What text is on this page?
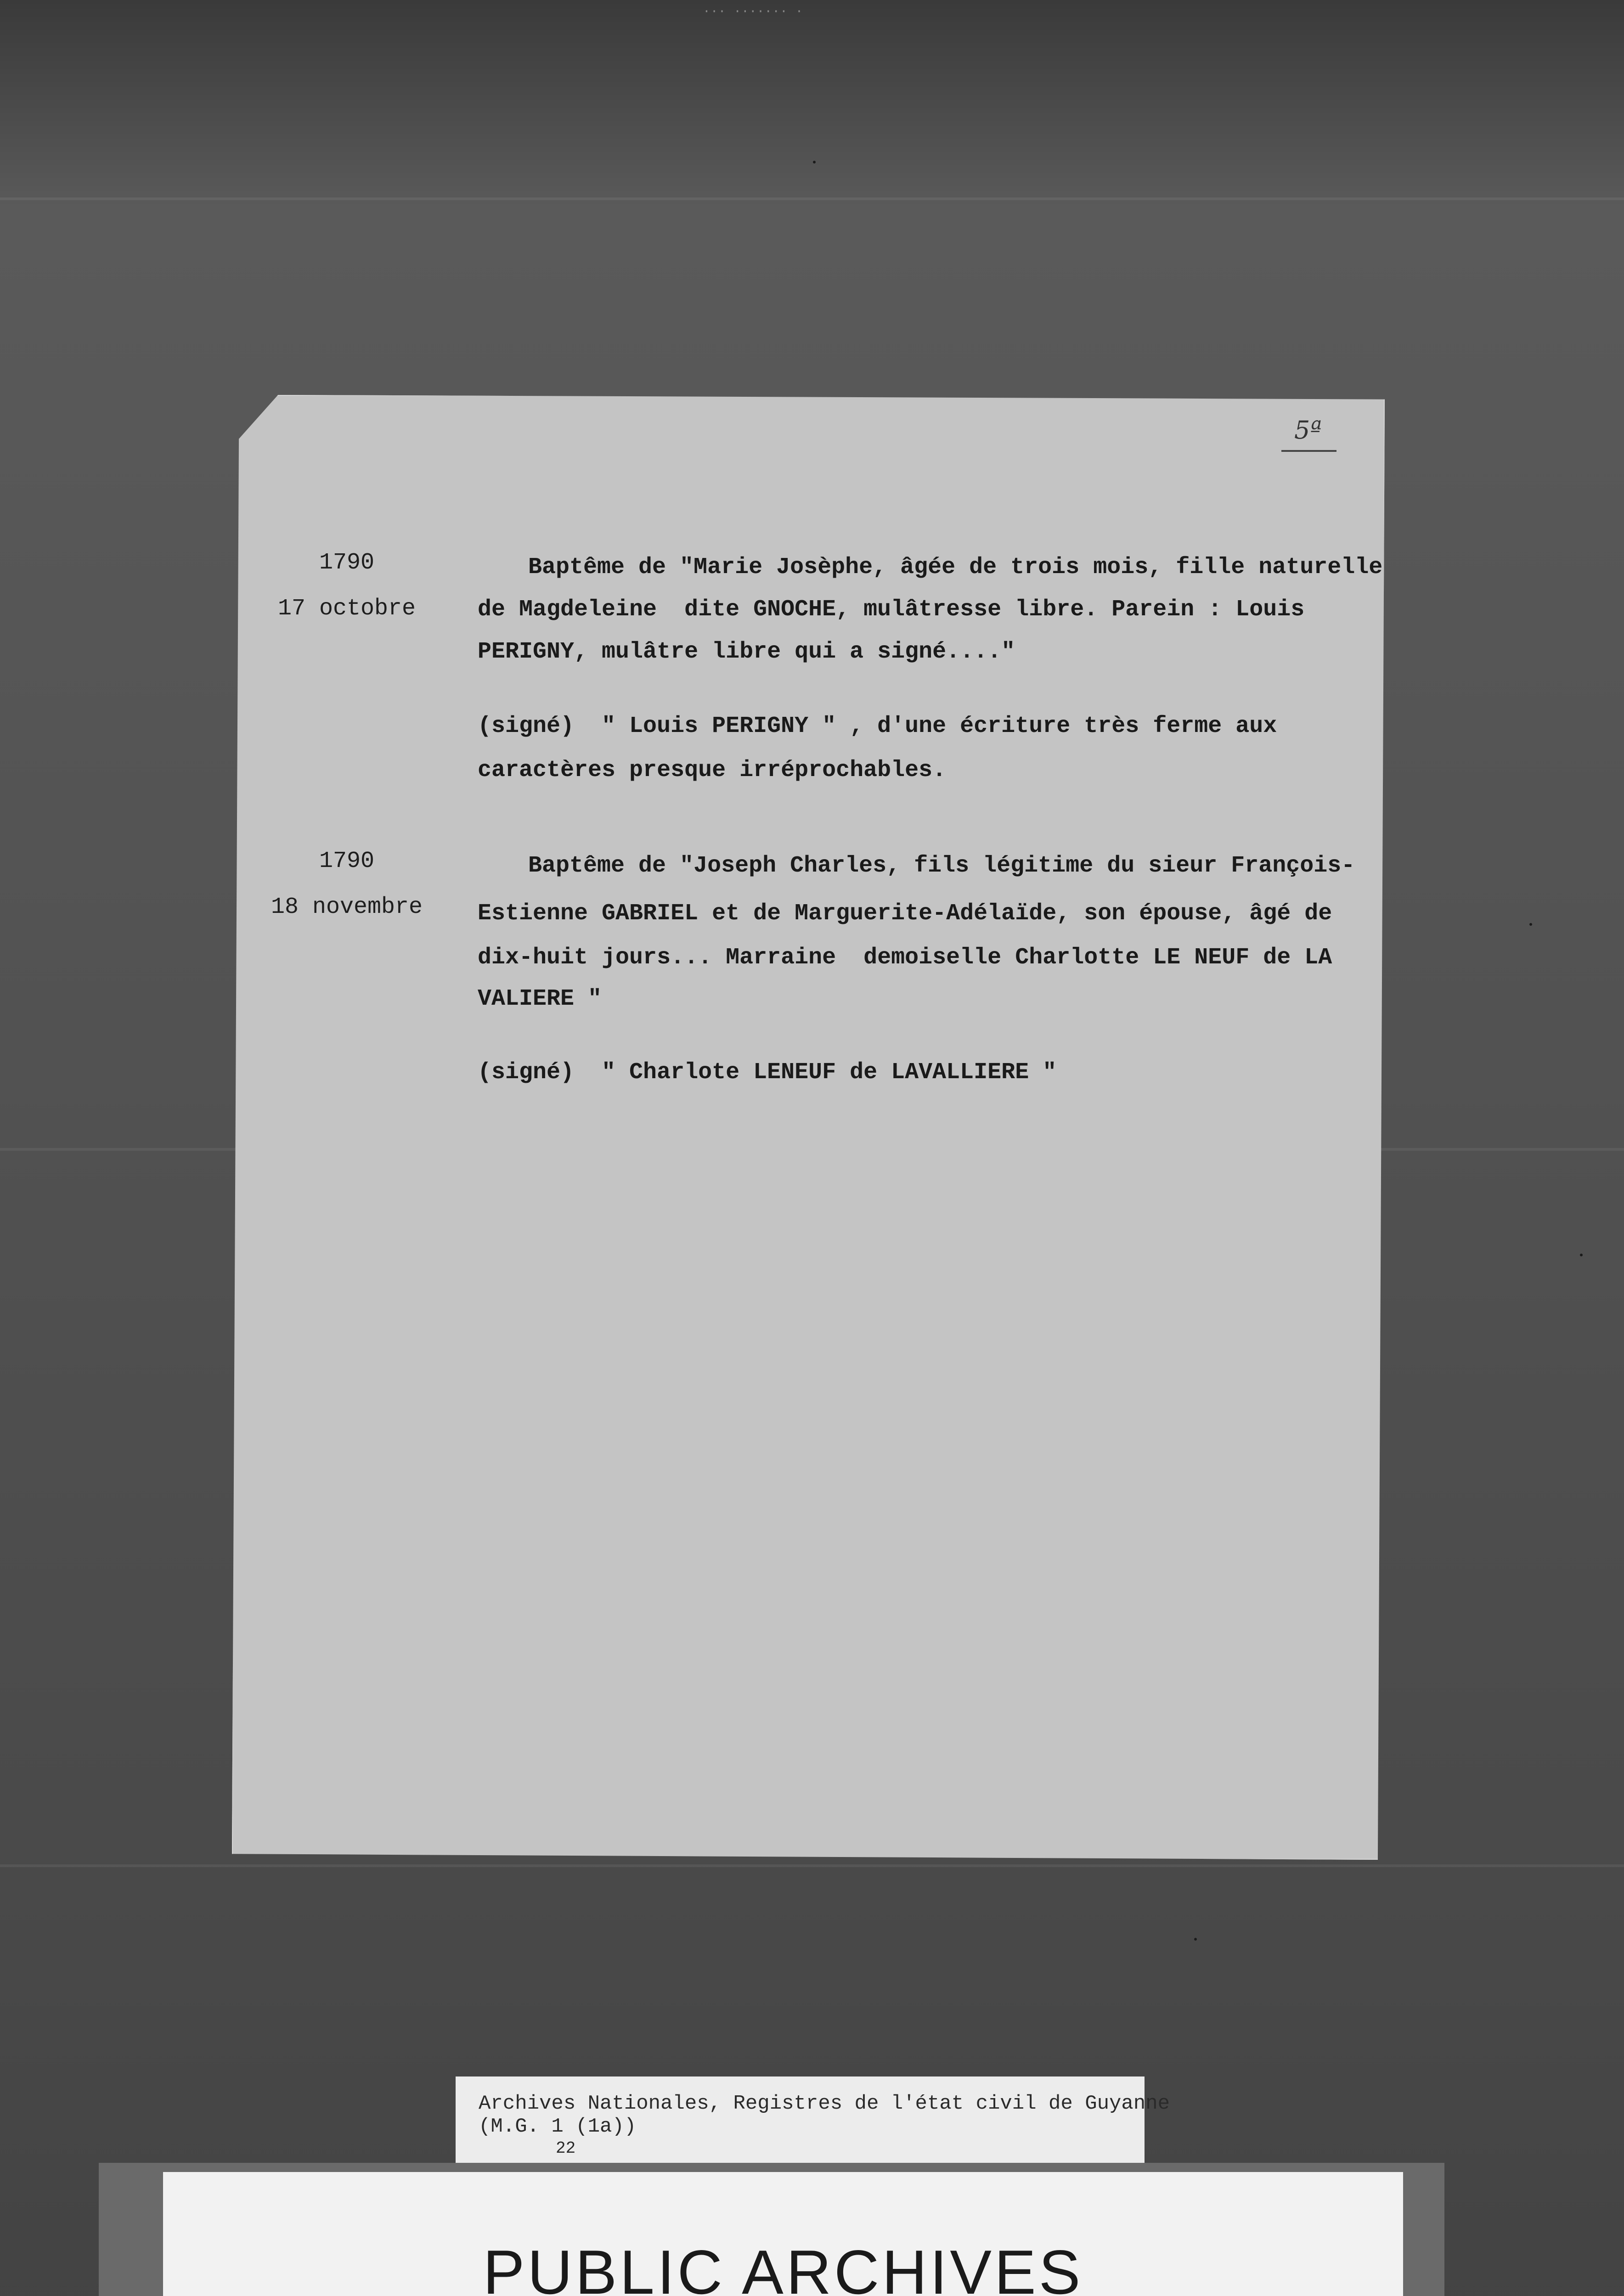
··· ······· ·
5ª
1790
17 octobre
Baptême de "Marie Josèphe, âgée de trois mois, fille naturelle
de Magdeleine  dite GNOCHE, mulâtresse libre. Parein : Louis
PERIGNY, mulâtre libre qui a signé...."
(signé)  " Louis PERIGNY " , d'une écriture très ferme aux
caractères presque irréprochables.
1790
18 novembre
Baptême de "Joseph Charles, fils légitime du sieur François-
Estienne GABRIEL et de Marguerite-Adélaïde, son épouse, âgé de
dix-huit jours... Marraine  demoiselle Charlotte LE NEUF de LA
VALIERE "
(signé)  " Charlote LENEUF de LAVALLIERE "
Archives Nationales, Registres de l'état civil de Guyanne
(M.G. 1 (1a))
22
PUBLIC ARCHIVES
